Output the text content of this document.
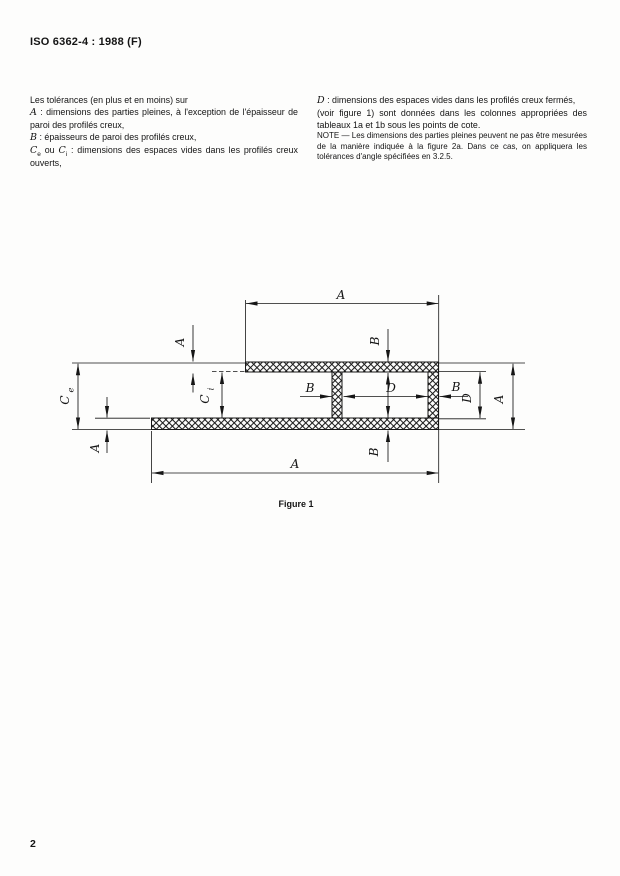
ISO 6362-4 : 1988 (F)

Les tolérances (en plus et en moins) sur

A : dimensions des parties pleines, à l'exception de l'épaisseur de paroi des profilés creux,

B : épaisseurs de paroi des profilés creux,

$C_e$ ou $C_i$ : dimensions des espaces vides dans les profilés creux ouverts,

D : dimensions des espaces vides dans les profilés creux fermés,

(voir figure 1) sont données dans les colonnes appropriées des tableaux 1a et 1b sous les points de cote.

NOTE — Les dimensions des parties pleines peuvent ne pas être mesurées de la manière indiquée à la figure 2a. Dans ce cas, on appliquera les tolérances d'angle spécifiées en 3.2.5.

A
A
C
e
A
C
i
A
B
B
B	D	B
D A
Figure 1
2
